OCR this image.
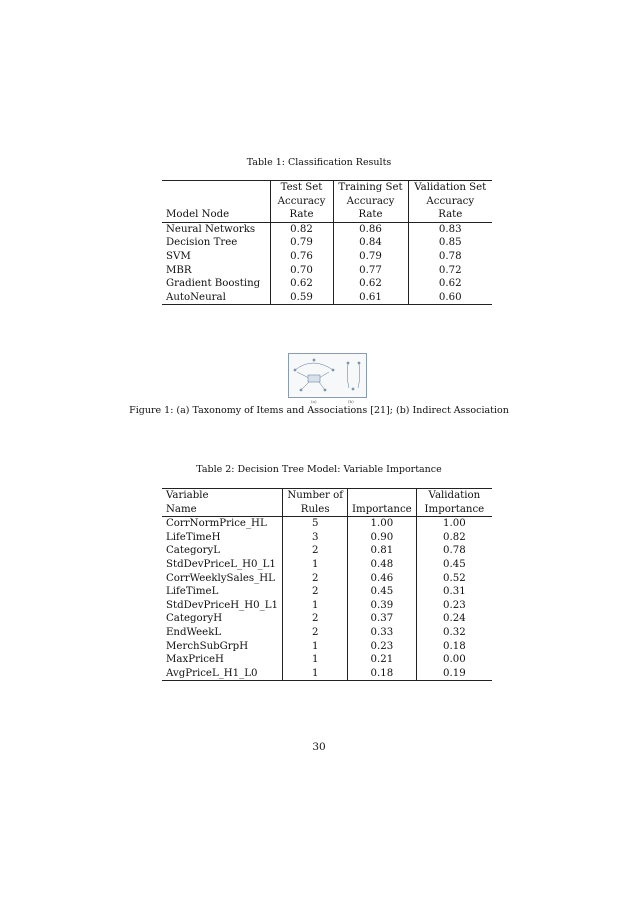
Table 1: Classification Results
	Test Set	Training Set	Validation Set
	Accuracy	Accuracy	Accuracy
Model Node	Rate	Rate	Rate
Neural Networks	0.82	0.86	0.83
Decision Tree	0.79	0.84	0.85
SVM	0.76	0.79	0.78
MBR	0.70	0.77	0.72
Gradient Boosting	0.62	0.62	0.62
AutoNeural	0.59	0.61	0.60
(a)	(b)
Figure 1: (a) Taxonomy of Items and Associations [21]; (b) Indirect Association
Table 2: Decision Tree Model: Variable Importance
Variable	Number of		Validation
Name	Rules	Importance	Importance
CorrNormPrice_HL	5	1.00	1.00
LifeTimeH	3	0.90	0.82
CategoryL	2	0.81	0.78
StdDevPriceL_H0_L1	1	0.48	0.45
CorrWeeklySales_HL	2	0.46	0.52
LifeTimeL	2	0.45	0.31
StdDevPriceH_H0_L1	1	0.39	0.23
CategoryH	2	0.37	0.24
EndWeekL	2	0.33	0.32
MerchSubGrpH	1	0.23	0.18
MaxPriceH	1	0.21	0.00
AvgPriceL_H1_L0	1	0.18	0.19
30
